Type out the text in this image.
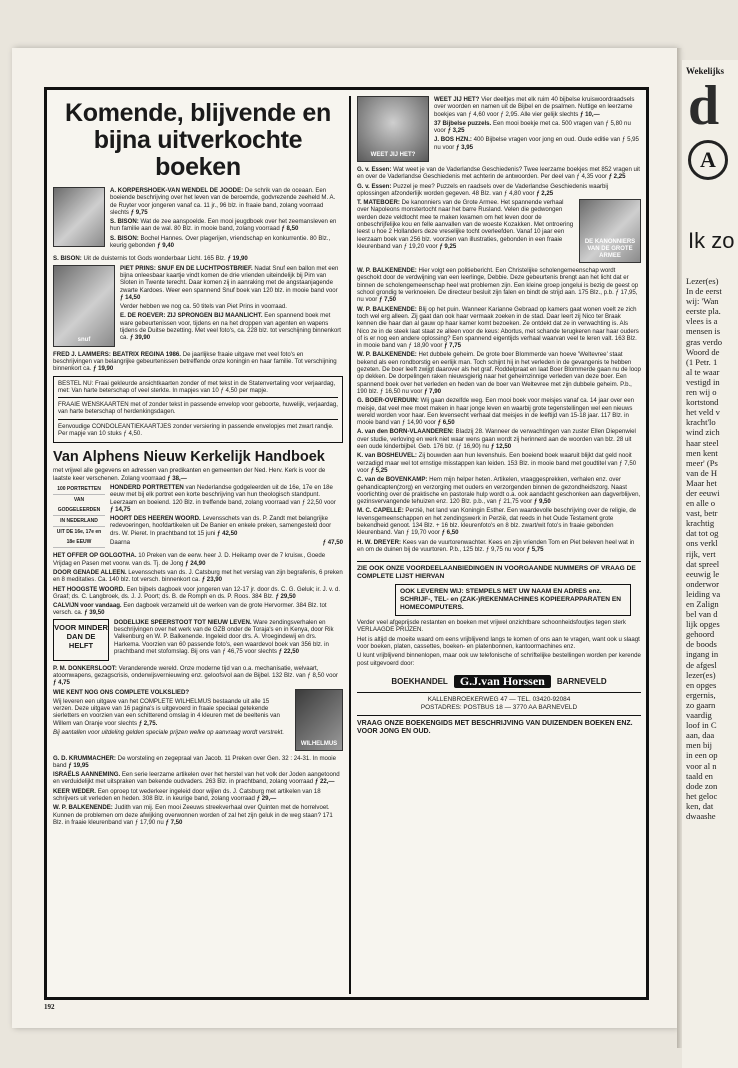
Komende, blijvende en bijna uitverkochte boeken

A. KORPERSHOEK-VAN WENDEL DE JOODE: De schrik van de oceaan. Een boeiende beschrijving over het leven van de beroemde, godvrezende zeeheld M. A. de Ruyter voor jongeren vanaf ca. 11 jr., 96 blz. in fraaie band, zolang voorraad slechts ƒ 9,75

S. BISON: Wat de zee aanspoelde. Een mooi jeugdboek over het zeemansleven en hun familie aan de wal. 80 Blz. in mooie band, zolang voorraad ƒ 8,50

S. BISON: Bochel Hannes. Over plagerijen, vriendschap en konkurrentie. 80 Blz., keurig gebonden ƒ 9,40

S. BISON: Uit de duisternis tot Gods wonderbaar Licht. 165 Blz. ƒ 19,90

snuf

PIET PRINS: SNUF EN DE LUCHTPOSTBRIEF. Nadat Snuf een ballon met een bijna onleesbaar kaartje vindt komen de drie vrienden uiteindelijk bij Pim van Sloten in Twente terecht. Daar komen zij in aanraking met de angstaanjagende zwarte Kardoes. Weer een spannend Snuf boek van 120 blz. in mooie band voor ƒ 14,50

Verder hebben we nog ca. 50 titels van Piet Prins in voorraad.

E. DE ROEVER: ZIJ SPRONGEN BIJ MAANLICHT. Een spannend boek met ware gebeurtenissen voor, tijdens en na het droppen van agenten en wapens tijdens de Duitse bezetting. Met veel foto's, ca. 228 blz. tot verschijning binnenkort ca. ƒ 39,90

FRED J. LAMMERS: BEATRIX REGINA 1986. De jaarlijkse fraaie uitgave met veel foto's en beschrijvingen van belangrijke gebeurtenissen betreffende onze koningin en haar familie. Tot verschijning binnenkort ca. ƒ 19,90

BESTEL NU: Fraai gekleurde ansichtkaarten zonder of met tekst in de Statenvertaling voor verjaardag, met: Van harte beterschap of veel sterkte. In mapjes van 10 ƒ 4,50 per mapje.

FRAAIE WENSKAARTEN met of zonder tekst in passende envelop voor geboorte, huwelijk, verjaardag, van harte beterschap of herdenkingsdagen.

Eenvoudige CONDOLEANTIEKAARTJES zonder versiering in passende envelopjes met zwart randje. Per mapje van 10 stuks ƒ 4,50.

Van Alphens Nieuw Kerkelijk Handboek

met vrijwel alle gegevens en adressen van predikanten en gemeenten der Ned. Herv. Kerk is voor de laatste keer verschenen. Zolang voorraad ƒ 38,—

100 PORTRETTEN
VAN GODGELEERDEN
IN NEDERLAND
UIT DE 16e, 17e en 18e EEUW

HONDERD PORTRETTEN van Nederlandse godgeleerden uit de 16e, 17e en 18e eeuw met bij elk portret een korte beschrijving van hun theologisch standpunt. Leerzaam en boeiend. 120 Blz. in treffende band, zolang voorraad van ƒ 22,50 voor ƒ 14,75

HOORT DES HEEREN WOORD. Levensschets van ds. P. Zandt met belangrijke redevoeringen, hoofdartikelen uit De Banier en enkele preken, samengesteld door drs. W. Pieret. In prachtband tot 15 juni ƒ 42,50

Daarna	ƒ 47,50

HET OFFER OP GOLGOTHA. 10 Preken van de eerw. heer J. D. Heikamp over de 7 kruisw., Goede Vrijdag en Pasen met voorw. van ds. Tj. de Jong ƒ 24,90

DOOR GENADE ALLEEN. Levensschets van ds. J. Catsburg met het verslag van zijn begrafenis, 6 preken en 8 meditaties. Ca. 140 blz. tot versch. binnenkort ca. ƒ 23,90

HET HOOGSTE WOORD. Een bijbels dagboek voor jongeren van 12-17 jr. door ds. C. G. Geluk; ir. J. v. d. Graaf; ds. C. Langbroek, ds. J. J. Poort; ds. B. de Romph en ds. P. Roos. 384 Blz. ƒ 29,50

CALVIJN voor vandaag. Een dagboek verzameld uit de werken van de grote Hervormer. 384 Blz. tot versch. ca. ƒ 39,50

VOOR MINDER DAN DE HELFT

DODELIJKE SPEERSTOOT TOT NIEUW LEVEN. Ware zendingsverhalen en beschrijvingen over het werk van de GZB onder de Toraja's en in Kenya, door Rik Valkenburg en W. P. Balkenende. Ingeleid door drs. A. Vroegindewij en drs. Harkema. Voorzien van 60 passende foto's, een waardevol boek van 356 blz. in prachtband met stofomslag. Bij ons van ƒ 46,75 voor slechts ƒ 22,50

P. M. DONKERSLOOT: Veranderende wereld. Onze moderne tijd van o.a. mechanisatie, welvaart, atoomwapens, gezagscrisis, onderwijsvernieuwing enz. geloofsvol aan de Bijbel. 132 Blz. van ƒ 8,50 voor ƒ 4,75

WIE KENT NOG ONS COMPLETE VOLKSLIED?

Wij leveren een uitgave van het COMPLETE WILHELMUS bestaande uit alle 15 verzen. Deze uitgave van 16 pagina's is uitgevoerd in fraaie speciaal getekende sierletters en voorzien van een schitterend omslag in 4 kleuren met de beeltenis van Willem van Oranje voor slechts ƒ 2,75.

Bij aantallen voor uitdeling gelden speciale prijzen welke op aanvraag wordt verstrekt.

WILHELMUS

G. D. KRUMMACHER: De worsteling en zegepraal van Jacob. 11 Preken over Gen. 32 : 24-31. In mooie band ƒ 19,95

ISRAËLS AANNEMING. Een serie leerzame artikelen over het herstel van het volk der Joden aangetoond en verduidelijkt met uitspraken van bekende oudvaders. 263 Blz. in prachtband, zolang voorraad ƒ 22,—

KEER WEDER. Een oproep tot wederkeer ingeleid door wijlen ds. J. Catsburg met artikelen van 18 schrijvers uit verleden en heden. 308 Blz. in keurige band, zolang voorraad ƒ 29,—

W. P. BALKENENDE: Judith van mij. Een mooi Zeeuws streekverhaal over Quinten met de horrelvoet. Kunnen de problemen om deze afwijking overwonnen worden of zal het zijn geluk in de weg staan? 171 Blz. in fraaie kleurenband van ƒ 17,90 nu ƒ 7,50

WEET JIJ HET?

WEET JIJ HET? Vier deeltjes met elk ruim 40 bijbelse kruiswoordraadsels over woorden en namen uit de Bijbel en de psalmen. Nuttige en leerzame boekjes van ƒ 4,60 voor ƒ 2,95. Alle vier gelijk slechts ƒ 10,—

37 Bijbelse puzzels. Een mooi boekje met ca. 500 vragen van ƒ 5,80 nu voor ƒ 3,25

J. BOS HZN.: 400 Bijbelse vragen voor jong en oud. Oude editie van ƒ 5,95 nu voor ƒ 3,95

G. v. Essen: Wat weet je van de Vaderlandse Geschiedenis? Twee leerzame boekjes met 852 vragen uit en over de Vaderlandse Geschiedenis met achterin de antwoorden. Per deel van ƒ 4,35 voor ƒ 2,25

G. v. Essen: Puzzel je mee? Puzzels en raadsels over de Vaderlandse Geschiedenis waarbij oplossingen afzonderlijk worden gegeven. 48 Blz. van ƒ 4,80 voor ƒ 2,25

T. MATEBOER: De kanonniers van de Grote Armee. Het spannende verhaal over Napoleons monstertocht naar het barre Rusland. Velen die gedwongen werden deze veldtocht mee te maken kwamen om het leven door de onbeschrijfelijke kou en felle aanvallen van de woeste Kozakken. Met ontroering leest u hoe 2 Hollanders deze vreselijke tocht overleefden. Vanaf 10 jaar een leerzaam boek van 256 blz. voorzien van illustraties, gebonden in een fraaie kleurenband van ƒ 19,20 voor ƒ 9,25

DE KANONNIERS VAN DE GROTE ARMEE

W. P. BALKENENDE: Hier volgt een politiebericht. Een Christelijke scholengemeenschap wordt geschokt door de verdwijning van een leerlinge, Debbie. Deze gebeurtenis brengt aan het licht dat er binnen de scholengemeenschap heel wat problemen zijn. Een kleine groep jongelui is bezig de geest op school grondig te verknoeien. De directeur besluit zijn falen en bindt de strijd aan. 175 Blz., p.b. ƒ 17,95, nu voor ƒ 7,50

W. P. BALKENENDE: Blij op het puin. Wanneer Karianne Gebraad op kamers gaat wonen voelt ze zich toch wel erg alleen. Zij gaat dan ook haar vermaak zoeken in de stad. Daar leert zij Nico ter Braak kennen die haar dan al gauw op haar kamer komt bezoeken. Ze ontdekt dat ze in verwachting is. Als Nico ze in de steek laat staat ze alleen voor de keus: Abortus, met schande terugkeren naar haar ouders of is er nog een andere oplossing? Een spannend eigentijds verhaal waarvan veel te leren valt. 163 Blz. in mooie band van ƒ 18,90 voor ƒ 7,75

W. P. BALKENENDE: Het dubbele geheim. De grote boer Blommerde van hoeve 'Weltevree' staat bekend als een rondborstig en eerlijk man. Toch schijnt hij in het verleden in de gevangenis te hebben gezeten. De boer leeft zwijgt daarover als het graf. Roddelpraat en laat Boer Blommerde gaan nu de loop op dekken. De dorpelingen raken nieuwsgierig naar het geheimzinnige verleden van deze boer. Een spannend boek over het verleden en heden van de boer van Weltevree met zijn dubbele geheim. P.b., 190 blz. ƒ 16,50 nu voor ƒ 7,90

G. BOER-OVERDUIN: Wij gaan dezelfde weg. Een mooi boek voor meisjes vanaf ca. 14 jaar over een meisje, dat veel mee moet maken in haar jonge leven en waarbij grote tegenstellingen wel een nieuws wereld worden voor haar. Een levensecht verhaal dat meisjes in de leeftijd van 15-18 jaar. 117 Blz. in mooie band van ƒ 14,90 voor ƒ 6,50

A. van den BORN-VLAANDEREN: Bladzij 28. Wanneer de verwachtingen van zuster Ellen Diepenwiel over studie, verloving en werk niet waar wens gaan wordt zij herinnerd aan de woorden van blz. 28 uit een oude kinderbijbel. Geb. 176 blz. (ƒ 16,90) nu ƒ 12,50

K. van BOSHEUVEL: Zij bouwden aan hun levenshuis. Een boeiend boek waaruit blijkt dat geld nooit verzadigd maar wel tot ernstige misstappen kan leiden. 153 Blz. in mooie band met goudtitel van ƒ 7,50 voor ƒ 5,25

C. van de BOVENKAMP: Hem mijn helper heten. Artikelen, vraaggesprekken, verhalen enz. over gehandicapten(zorg) en verzorging met ouders en verzorgenden binnen de gezondheidszorg. Naast voorlichting over de praktische en pastorale hulp wordt o.a. ook aandacht geschonken aan dagverblijven, gezinsvervangende tehuizen enz. 120 Blz. p.b., van ƒ 21,75 voor ƒ 9,50

M. C. CAPELLE: Perzië, het land van Koningin Esther. Een waardevolle beschrijving over de religie, de levensgemeenschappen en het zendingswerk in Perzië, dat reeds in het Oude Testament grote bekendheid genoot. 134 Blz. + 16 blz. kleurenfoto's en 8 blz. zwart/wit foto's in fraaie gebonden kleurenband. Van ƒ 19,70 voor ƒ 6,50

H. W. DREYER: Kees van de vuurtorenwachter. Kees en zijn vrienden Tom en Piet beleven heel wat in en om de duinen bij de vuurtoren. P.b., 125 blz. ƒ 9,75 nu voor ƒ 5,75

ZIE OOK ONZE VOORDEELAANBIEDINGEN IN VOORGAANDE NUMMERS OF VRAAG DE COMPLETE LIJST HIERVAN

OOK LEVEREN WIJ: STEMPELS MET UW NAAM EN ADRES enz. SCHRIJF-, TEL- en (ZAK-)REKENMACHINES KOPIEERAPPARATEN EN HOMECOMPUTERS.

Verder veel afgeprijsde restanten en boeken met vrijwel onzichtbare schoonheidsfoutjes tegen sterk VERLAAGDE PRIJZEN.

Het is altijd de moeite waard om eens vrijblijvend langs te komen of ons aan te vragen, want ook u slaagt voor boeken, platen, cassettes, boeken- en platenbonnen, kantoormachines enz.

U kunt vrijblijvend binnenlopen, maar ook uw telefonische of schriftelijke bestellingen worden per kerende post uitgevoerd door:

BOEKHANDEL	G.J.van Horssen	BARNEVELD
KALLENBROEKERWEG 47 — TEL. 03420-92084
POSTADRES: POSTBUS 18 — 3770 AA BARNEVELD
VRAAG ONZE BOEKENGIDS MET BESCHRIJVING VAN DUIZENDEN BOEKEN ENZ. VOOR JONG EN OUD.
192
Wekelijks
d
A
Ik zo
Lezer(es)
In de eerst
wij: 'Wan
eerste pla.
vlees is a
mensen is
gras verdo
Woord de
(1 Petr. 1
al te waar
vestigd in
ren wij o
kortstond
het veld v
kracht'lo
wind zich
haar steel
men kent
meer' (Ps
van de H
Maar het
der eeuwi
en alle o
vast, betr
krachtig
dat tot og
ons verkl
rijk, vert
dat spreel
eeuwig le
onderwor
leiding va
en Zalign
bel van d
lijk opges
gehoord
de boods
ingang in
de afgesl
lezer(es)
en opges
ergernis,
zo gaarn
vaardig
loof in C
aan, daa
men bij
in een op
voor al n
taald en
dode zon
het geloc
ken, dat
dwaashe
